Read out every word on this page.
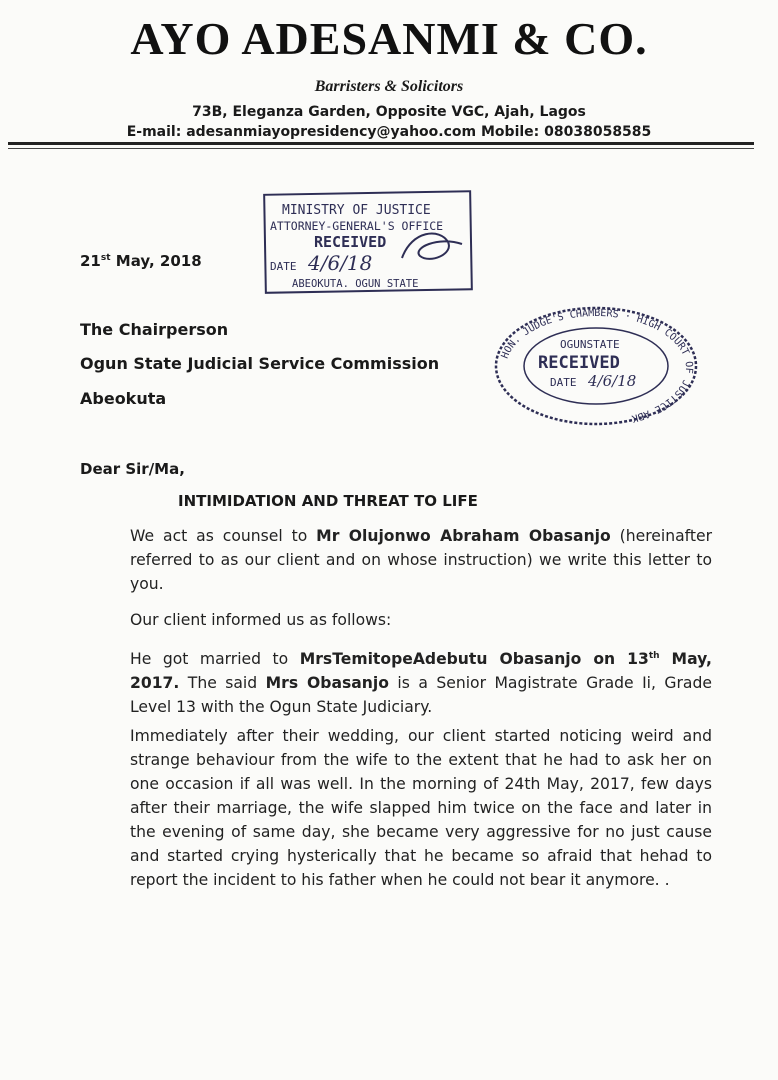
AYO ADESANMI & CO.
Barristers & Solicitors
73B, Eleganza Garden, Opposite VGC, Ajah, Lagos
E-mail: adesanmiayopresidency@yahoo.com Mobile: 08038058585
MINISTRY OF JUSTICE
ATTORNEY-GENERAL'S OFFICE
RECEIVED
DATE 4/6/18
ABEOKUTA. OGUN STATE
HON. JUDGE'S CHAMBERS · HIGH COURT OF JUSTICE ABK
OGUNSTATE
RECEIVED
DATE 4/6/18
21st May, 2018
The Chairperson
Ogun State Judicial Service Commission
Abeokuta
Dear Sir/Ma,
INTIMIDATION AND THREAT TO LIFE
We act as counsel to Mr Olujonwo Abraham Obasanjo (hereinafter referred to as our client and on whose instruction) we write this letter to you.
Our client informed us as follows:
He got married to MrsTemitopeAdebutu Obasanjo on 13th May, 2017. The said Mrs Obasanjo is a Senior Magistrate Grade Ii, Grade Level 13 with the Ogun State Judiciary.
Immediately after their wedding, our client started noticing weird and strange behaviour from the wife to the extent that he had to ask her on one occasion if all was well. In the morning of 24th May, 2017, few days after their marriage, the wife slapped him twice on the face and later in the evening of same day, she became very aggressive for no just cause and started crying hysterically that he became so afraid that hehad to report the incident to his father when he could not bear it anymore. .
